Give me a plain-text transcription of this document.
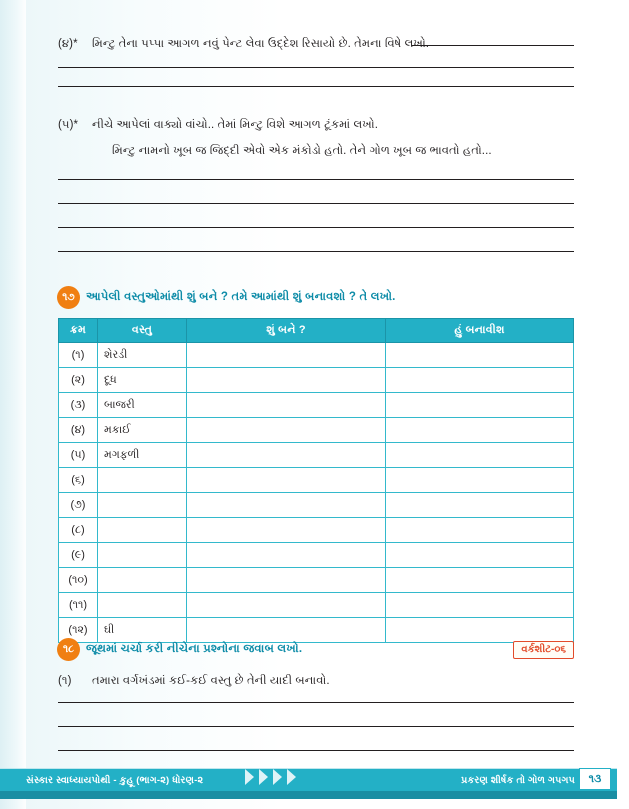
(૪)*	મિન્ટુ તેના પપ્પા આગળ નવું પેન્ટ લેવા ઉદ્દેશ રિસાયો છે. તેમના વિષે લખો.
(૫)*	નીચે આપેલાં વાક્યો વાંચો.. તેમાં મિન્ટુ વિશે આગળ ટૂંકમાં લખો.
મિન્ટુ નામનો ખૂબ જ જિદ્દી એવો એક મંકોડો હતો. તેને ગોળ ખૂબ જ ભાવતો હતો...
૧૭ આપેલી વસ્તુઓમાંથી શું બને ? તમે આમાંથી શું બનાવશો ? તે લખો.
ક્રમ	વસ્તુ	શું બને ?	હું બનાવીશ
(૧)	શેરડી		
(૨)	દૂધ		
(૩)	બાજરી		
(૪)	મકાઈ		
(૫)	મગફળી		
(૬)			
(૭)			
(૮)			
(૯)			
(૧૦)			
(૧૧)			
(૧૨)	ઘી		
૧૮	જૂથમાં ચર્ચા કરી નીચેના પ્રશ્નોના જવાબ લખો.	વર્કશીટ-૦૬
(૧)	તમારા વર્ગખંડમાં કઈ-કઈ વસ્તુ છે તેની યાદી બનાવો.
સંસ્કાર સ્વાધ્યાયપોથી - કુહૂ (ભાગ-૨) ધોરણ-૨	પ્રકરણ શીર્ષક તો ગોળ ગપગપ	૧૩
